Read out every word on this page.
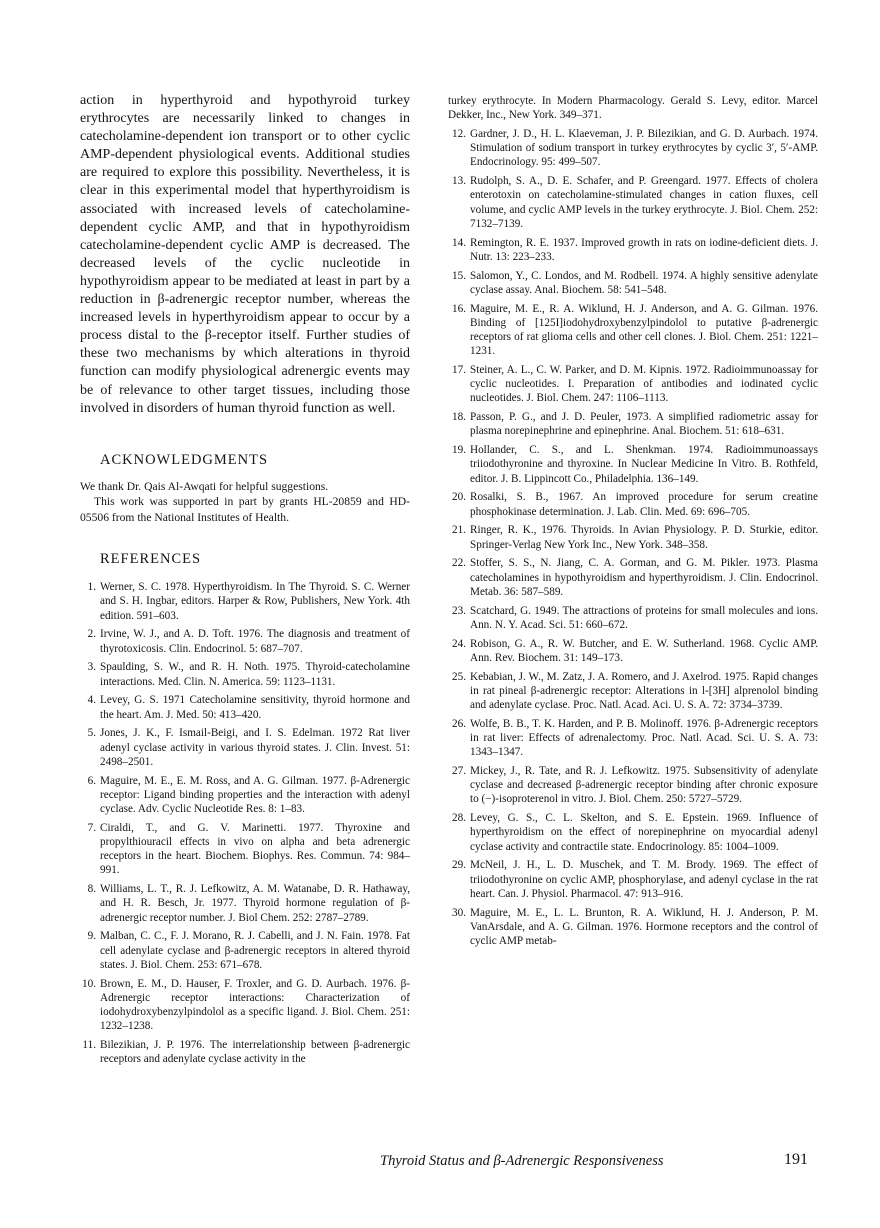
action in hyperthyroid and hypothyroid turkey erythrocytes are necessarily linked to changes in catecholamine-dependent ion transport or to other cyclic AMP-dependent physiological events. Additional studies are required to explore this possibility. Nevertheless, it is clear in this experimental model that hyperthyroidism is associated with increased levels of catecholamine-dependent cyclic AMP, and that in hypothyroidism catecholamine-dependent cyclic AMP is decreased. The decreased levels of the cyclic nucleotide in hypothyroidism appear to be mediated at least in part by a reduction in β-adrenergic receptor number, whereas the increased levels in hyperthyroidism appear to occur by a process distal to the β-receptor itself. Further studies of these two mechanisms by which alterations in thyroid function can modify physiological adrenergic events may be of relevance to other target tissues, including those involved in disorders of human thyroid function as well.

ACKNOWLEDGMENTS

We thank Dr. Qais Al-Awqati for helpful suggestions.

This work was supported in part by grants HL-20859 and HD-05506 from the National Institutes of Health.

REFERENCES
1. Werner, S. C. 1978. Hyperthyroidism. In The Thyroid. S. C. Werner and S. H. Ingbar, editors. Harper & Row, Publishers, New York. 4th edition. 591–603.
2. Irvine, W. J., and A. D. Toft. 1976. The diagnosis and treatment of thyrotoxicosis. Clin. Endocrinol. 5: 687–707.
3. Spaulding, S. W., and R. H. Noth. 1975. Thyroid-catecholamine interactions. Med. Clin. N. America. 59: 1123–1131.
4. Levey, G. S. 1971 Catecholamine sensitivity, thyroid hormone and the heart. Am. J. Med. 50: 413–420.
5. Jones, J. K., F. Ismail-Beigi, and I. S. Edelman. 1972 Rat liver adenyl cyclase activity in various thyroid states. J. Clin. Invest. 51: 2498–2501.
6. Maguire, M. E., E. M. Ross, and A. G. Gilman. 1977. β-Adrenergic receptor: Ligand binding properties and the interaction with adenyl cyclase. Adv. Cyclic Nucleotide Res. 8: 1–83.
7. Ciraldi, T., and G. V. Marinetti. 1977. Thyroxine and propylthiouracil effects in vivo on alpha and beta adrenergic receptors in the heart. Biochem. Biophys. Res. Commun. 74: 984–991.
8. Williams, L. T., R. J. Lefkowitz, A. M. Watanabe, D. R. Hathaway, and H. R. Besch, Jr. 1977. Thyroid hormone regulation of β-adrenergic receptor number. J. Biol Chem. 252: 2787–2789.
9. Malban, C. C., F. J. Morano, R. J. Cabelli, and J. N. Fain. 1978. Fat cell adenylate cyclase and β-adrenergic receptors in altered thyroid states. J. Biol. Chem. 253: 671–678.
10. Brown, E. M., D. Hauser, F. Troxler, and G. D. Aurbach. 1976. β-Adrenergic receptor interactions: Characterization of iodohydroxybenzylpindolol as a specific ligand. J. Biol. Chem. 251: 1232–1238.
11. Bilezikian, J. P. 1976. The interrelationship between β-adrenergic receptors and adenylate cyclase activity in the
turkey erythrocyte. In Modern Pharmacology. Gerald S. Levy, editor. Marcel Dekker, Inc., New York. 349–371.
12. Gardner, J. D., H. L. Klaeveman, J. P. Bilezikian, and G. D. Aurbach. 1974. Stimulation of sodium transport in turkey erythrocytes by cyclic 3′, 5′-AMP. Endocrinology. 95: 499–507.
13. Rudolph, S. A., D. E. Schafer, and P. Greengard. 1977. Effects of cholera enterotoxin on catecholamine-stimulated changes in cation fluxes, cell volume, and cyclic AMP levels in the turkey erythrocyte. J. Biol. Chem. 252: 7132–7139.
14. Remington, R. E. 1937. Improved growth in rats on iodine-deficient diets. J. Nutr. 13: 223–233.
15. Salomon, Y., C. Londos, and M. Rodbell. 1974. A highly sensitive adenylate cyclase assay. Anal. Biochem. 58: 541–548.
16. Maguire, M. E., R. A. Wiklund, H. J. Anderson, and A. G. Gilman. 1976. Binding of [125I]iodohydroxybenzylpindolol to putative β-adrenergic receptors of rat glioma cells and other cell clones. J. Biol. Chem. 251: 1221–1231.
17. Steiner, A. L., C. W. Parker, and D. M. Kipnis. 1972. Radioimmunoassay for cyclic nucleotides. I. Preparation of antibodies and iodinated cyclic nucleotides. J. Biol. Chem. 247: 1106–1113.
18. Passon, P. G., and J. D. Peuler, 1973. A simplified radiometric assay for plasma norepinephrine and epinephrine. Anal. Biochem. 51: 618–631.
19. Hollander, C. S., and L. Shenkman. 1974. Radioimmunoassays triiodothyronine and thyroxine. In Nuclear Medicine In Vitro. B. Rothfeld, editor. J. B. Lippincott Co., Philadelphia. 136–149.
20. Rosalki, S. B., 1967. An improved procedure for serum creatine phosphokinase determination. J. Lab. Clin. Med. 69: 696–705.
21. Ringer, R. K., 1976. Thyroids. In Avian Physiology. P. D. Sturkie, editor. Springer-Verlag New York Inc., New York. 348–358.
22. Stoffer, S. S., N. Jiang, C. A. Gorman, and G. M. Pikler. 1973. Plasma catecholamines in hypothyroidism and hyperthyroidism. J. Clin. Endocrinol. Metab. 36: 587–589.
23. Scatchard, G. 1949. The attractions of proteins for small molecules and ions. Ann. N. Y. Acad. Sci. 51: 660–672.
24. Robison, G. A., R. W. Butcher, and E. W. Sutherland. 1968. Cyclic AMP. Ann. Rev. Biochem. 31: 149–173.
25. Kebabian, J. W., M. Zatz, J. A. Romero, and J. Axelrod. 1975. Rapid changes in rat pineal β-adrenergic receptor: Alterations in l-[3H] alprenolol binding and adenylate cyclase. Proc. Natl. Acad. Aci. U. S. A. 72: 3734–3739.
26. Wolfe, B. B., T. K. Harden, and P. B. Molinoff. 1976. β-Adrenergic receptors in rat liver: Effects of adrenalectomy. Proc. Natl. Acad. Sci. U. S. A. 73: 1343–1347.
27. Mickey, J., R. Tate, and R. J. Lefkowitz. 1975. Subsensitivity of adenylate cyclase and decreased β-adrenergic receptor binding after chronic exposure to (−)-isoproterenol in vitro. J. Biol. Chem. 250: 5727–5729.
28. Levey, G. S., C. L. Skelton, and S. E. Epstein. 1969. Influence of hyperthyroidism on the effect of norepinephrine on myocardial adenyl cyclase activity and contractile state. Endocrinology. 85: 1004–1009.
29. McNeil, J. H., L. D. Muschek, and T. M. Brody. 1969. The effect of triiodothyronine on cyclic AMP, phosphorylase, and adenyl cyclase in the rat heart. Can. J. Physiol. Pharmacol. 47: 913–916.
30. Maguire, M. E., L. L. Brunton, R. A. Wiklund, H. J. Anderson, P. M. VanArsdale, and A. G. Gilman. 1976. Hormone receptors and the control of cyclic AMP metab-
Thyroid Status and β-Adrenergic Responsiveness	191
